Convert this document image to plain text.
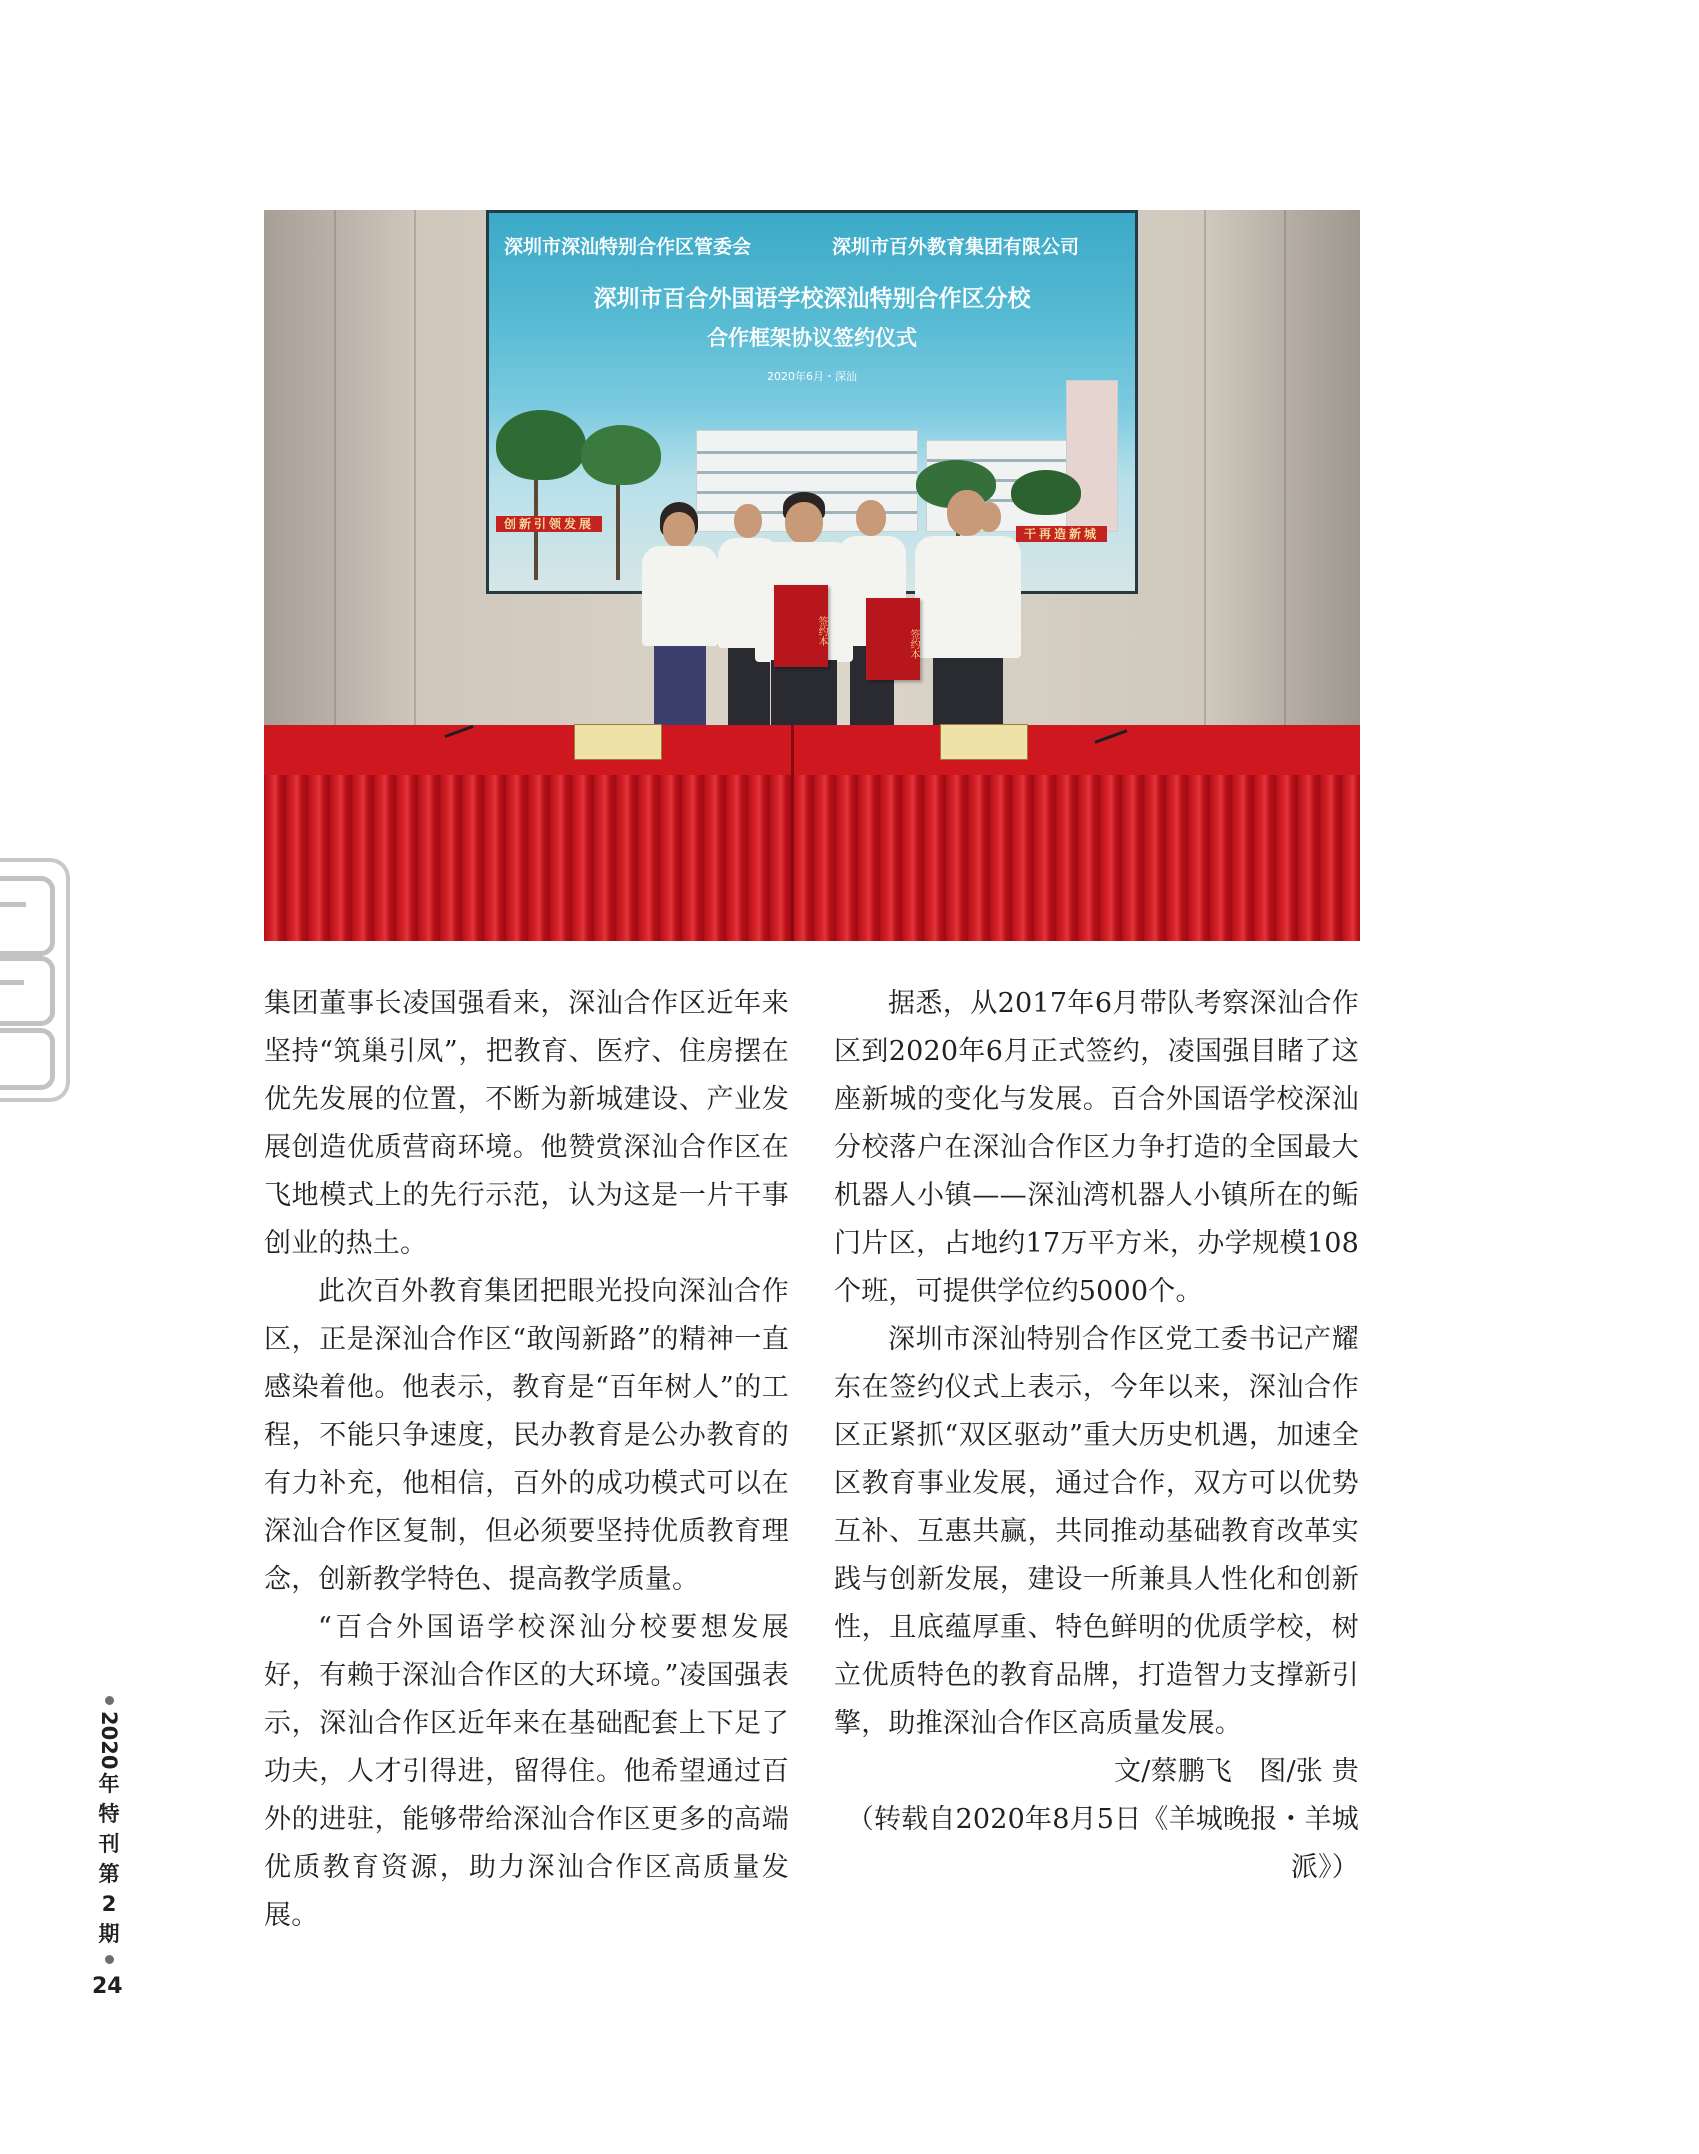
深圳市深汕特别合作区管委会	深圳市百外教育集团有限公司
深圳市百合外国语学校深汕特别合作区分校
合作框架协议签约仪式
2020年6月・深汕
创新引领发展
干再造新城
签约本	签约本

集团董事长凌国强看来，深汕合作区近年来坚持“筑巢引凤”，把教育、医疗、住房摆在优先发展的位置，不断为新城建设、产业发展创造优质营商环境。他赞赏深汕合作区在飞地模式上的先行示范，认为这是一片干事创业的热土。

此次百外教育集团把眼光投向深汕合作区，正是深汕合作区“敢闯新路”的精神一直感染着他。他表示，教育是“百年树人”的工程，不能只争速度，民办教育是公办教育的有力补充，他相信，百外的成功模式可以在深汕合作区复制，但必须要坚持优质教育理念，创新教学特色、提高教学质量。

“百合外国语学校深汕分校要想发展好，有赖于深汕合作区的大环境。”凌国强表示，深汕合作区近年来在基础配套上下足了功夫，人才引得进，留得住。他希望通过百外的进驻，能够带给深汕合作区更多的高端优质教育资源，助力深汕合作区高质量发展。

据悉，从2017年6月带队考察深汕合作区到2020年6月正式签约，凌国强目睹了这座新城的变化与发展。百合外国语学校深汕分校落户在深汕合作区力争打造的全国最大机器人小镇——深汕湾机器人小镇所在的鲘门片区，占地约17万平方米，办学规模108个班，可提供学位约5000个。

深圳市深汕特别合作区党工委书记产耀东在签约仪式上表示，今年以来，深汕合作区正紧抓“双区驱动”重大历史机遇，加速全区教育事业发展，通过合作，双方可以优势互补、互惠共赢，共同推动基础教育改革实践与创新发展，建设一所兼具人性化和创新性，且底蕴厚重、特色鲜明的优质学校，树立优质特色的教育品牌，打造智力支撑新引擎，助推深汕合作区高质量发展。

文/蔡鹏飞　图/张 贵

（转载自2020年8月5日《羊城晚报・羊城派》）

2020
年
特
刊
第
2
期
24
